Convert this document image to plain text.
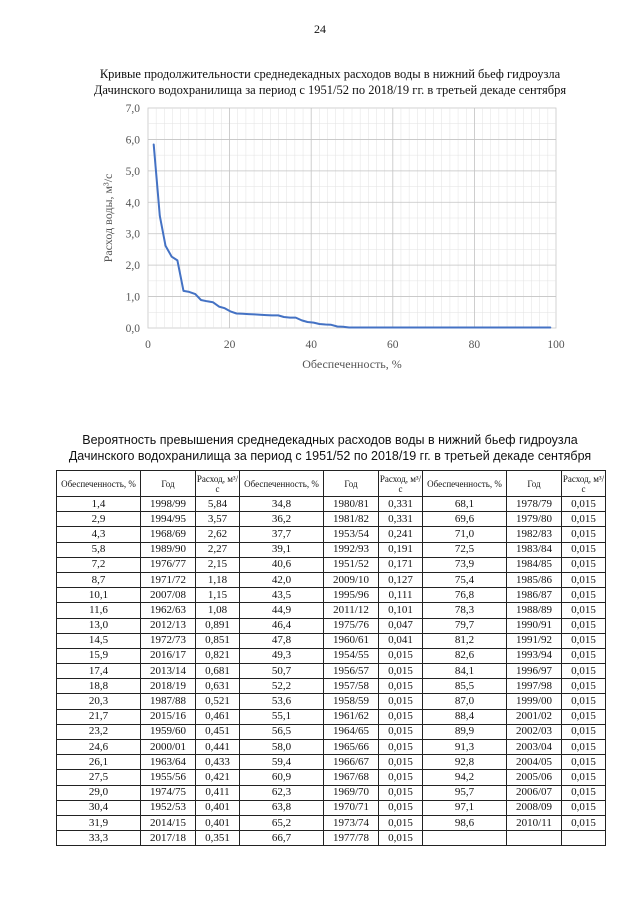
24
Кривые продолжительности среднедекадных расходов воды в нижний бьеф гидроузла
Дачинского водохранилища за период с 1951/52 по 2018/19 гг. в третьей декаде сентября
0,0
1,0
2,0
3,0
4,0
5,0
6,0
7,0
0	20	40	60	80	100
Обеспеченность, %
Расход воды, м³/с
Вероятность превышения среднедекадных расходов воды в нижний бьеф гидроузла
Дачинского водохранилища за период с 1951/52 по 2018/19 гг. в третьей декаде сентября
Обеспеченность, %	Год	Расход, м³/с	Обеспеченность, %	Год	Расход, м³/с	Обеспеченность, %	Год	Расход, м³/с
1,4	1998/99	5,84	34,8	1980/81	0,331	68,1	1978/79	0,015
2,9	1994/95	3,57	36,2	1981/82	0,331	69,6	1979/80	0,015
4,3	1968/69	2,62	37,7	1953/54	0,241	71,0	1982/83	0,015
5,8	1989/90	2,27	39,1	1992/93	0,191	72,5	1983/84	0,015
7,2	1976/77	2,15	40,6	1951/52	0,171	73,9	1984/85	0,015
8,7	1971/72	1,18	42,0	2009/10	0,127	75,4	1985/86	0,015
10,1	2007/08	1,15	43,5	1995/96	0,111	76,8	1986/87	0,015
11,6	1962/63	1,08	44,9	2011/12	0,101	78,3	1988/89	0,015
13,0	2012/13	0,891	46,4	1975/76	0,047	79,7	1990/91	0,015
14,5	1972/73	0,851	47,8	1960/61	0,041	81,2	1991/92	0,015
15,9	2016/17	0,821	49,3	1954/55	0,015	82,6	1993/94	0,015
17,4	2013/14	0,681	50,7	1956/57	0,015	84,1	1996/97	0,015
18,8	2018/19	0,631	52,2	1957/58	0,015	85,5	1997/98	0,015
20,3	1987/88	0,521	53,6	1958/59	0,015	87,0	1999/00	0,015
21,7	2015/16	0,461	55,1	1961/62	0,015	88,4	2001/02	0,015
23,2	1959/60	0,451	56,5	1964/65	0,015	89,9	2002/03	0,015
24,6	2000/01	0,441	58,0	1965/66	0,015	91,3	2003/04	0,015
26,1	1963/64	0,433	59,4	1966/67	0,015	92,8	2004/05	0,015
27,5	1955/56	0,421	60,9	1967/68	0,015	94,2	2005/06	0,015
29,0	1974/75	0,411	62,3	1969/70	0,015	95,7	2006/07	0,015
30,4	1952/53	0,401	63,8	1970/71	0,015	97,1	2008/09	0,015
31,9	2014/15	0,401	65,2	1973/74	0,015	98,6	2010/11	0,015
33,3	2017/18	0,351	66,7	1977/78	0,015			
